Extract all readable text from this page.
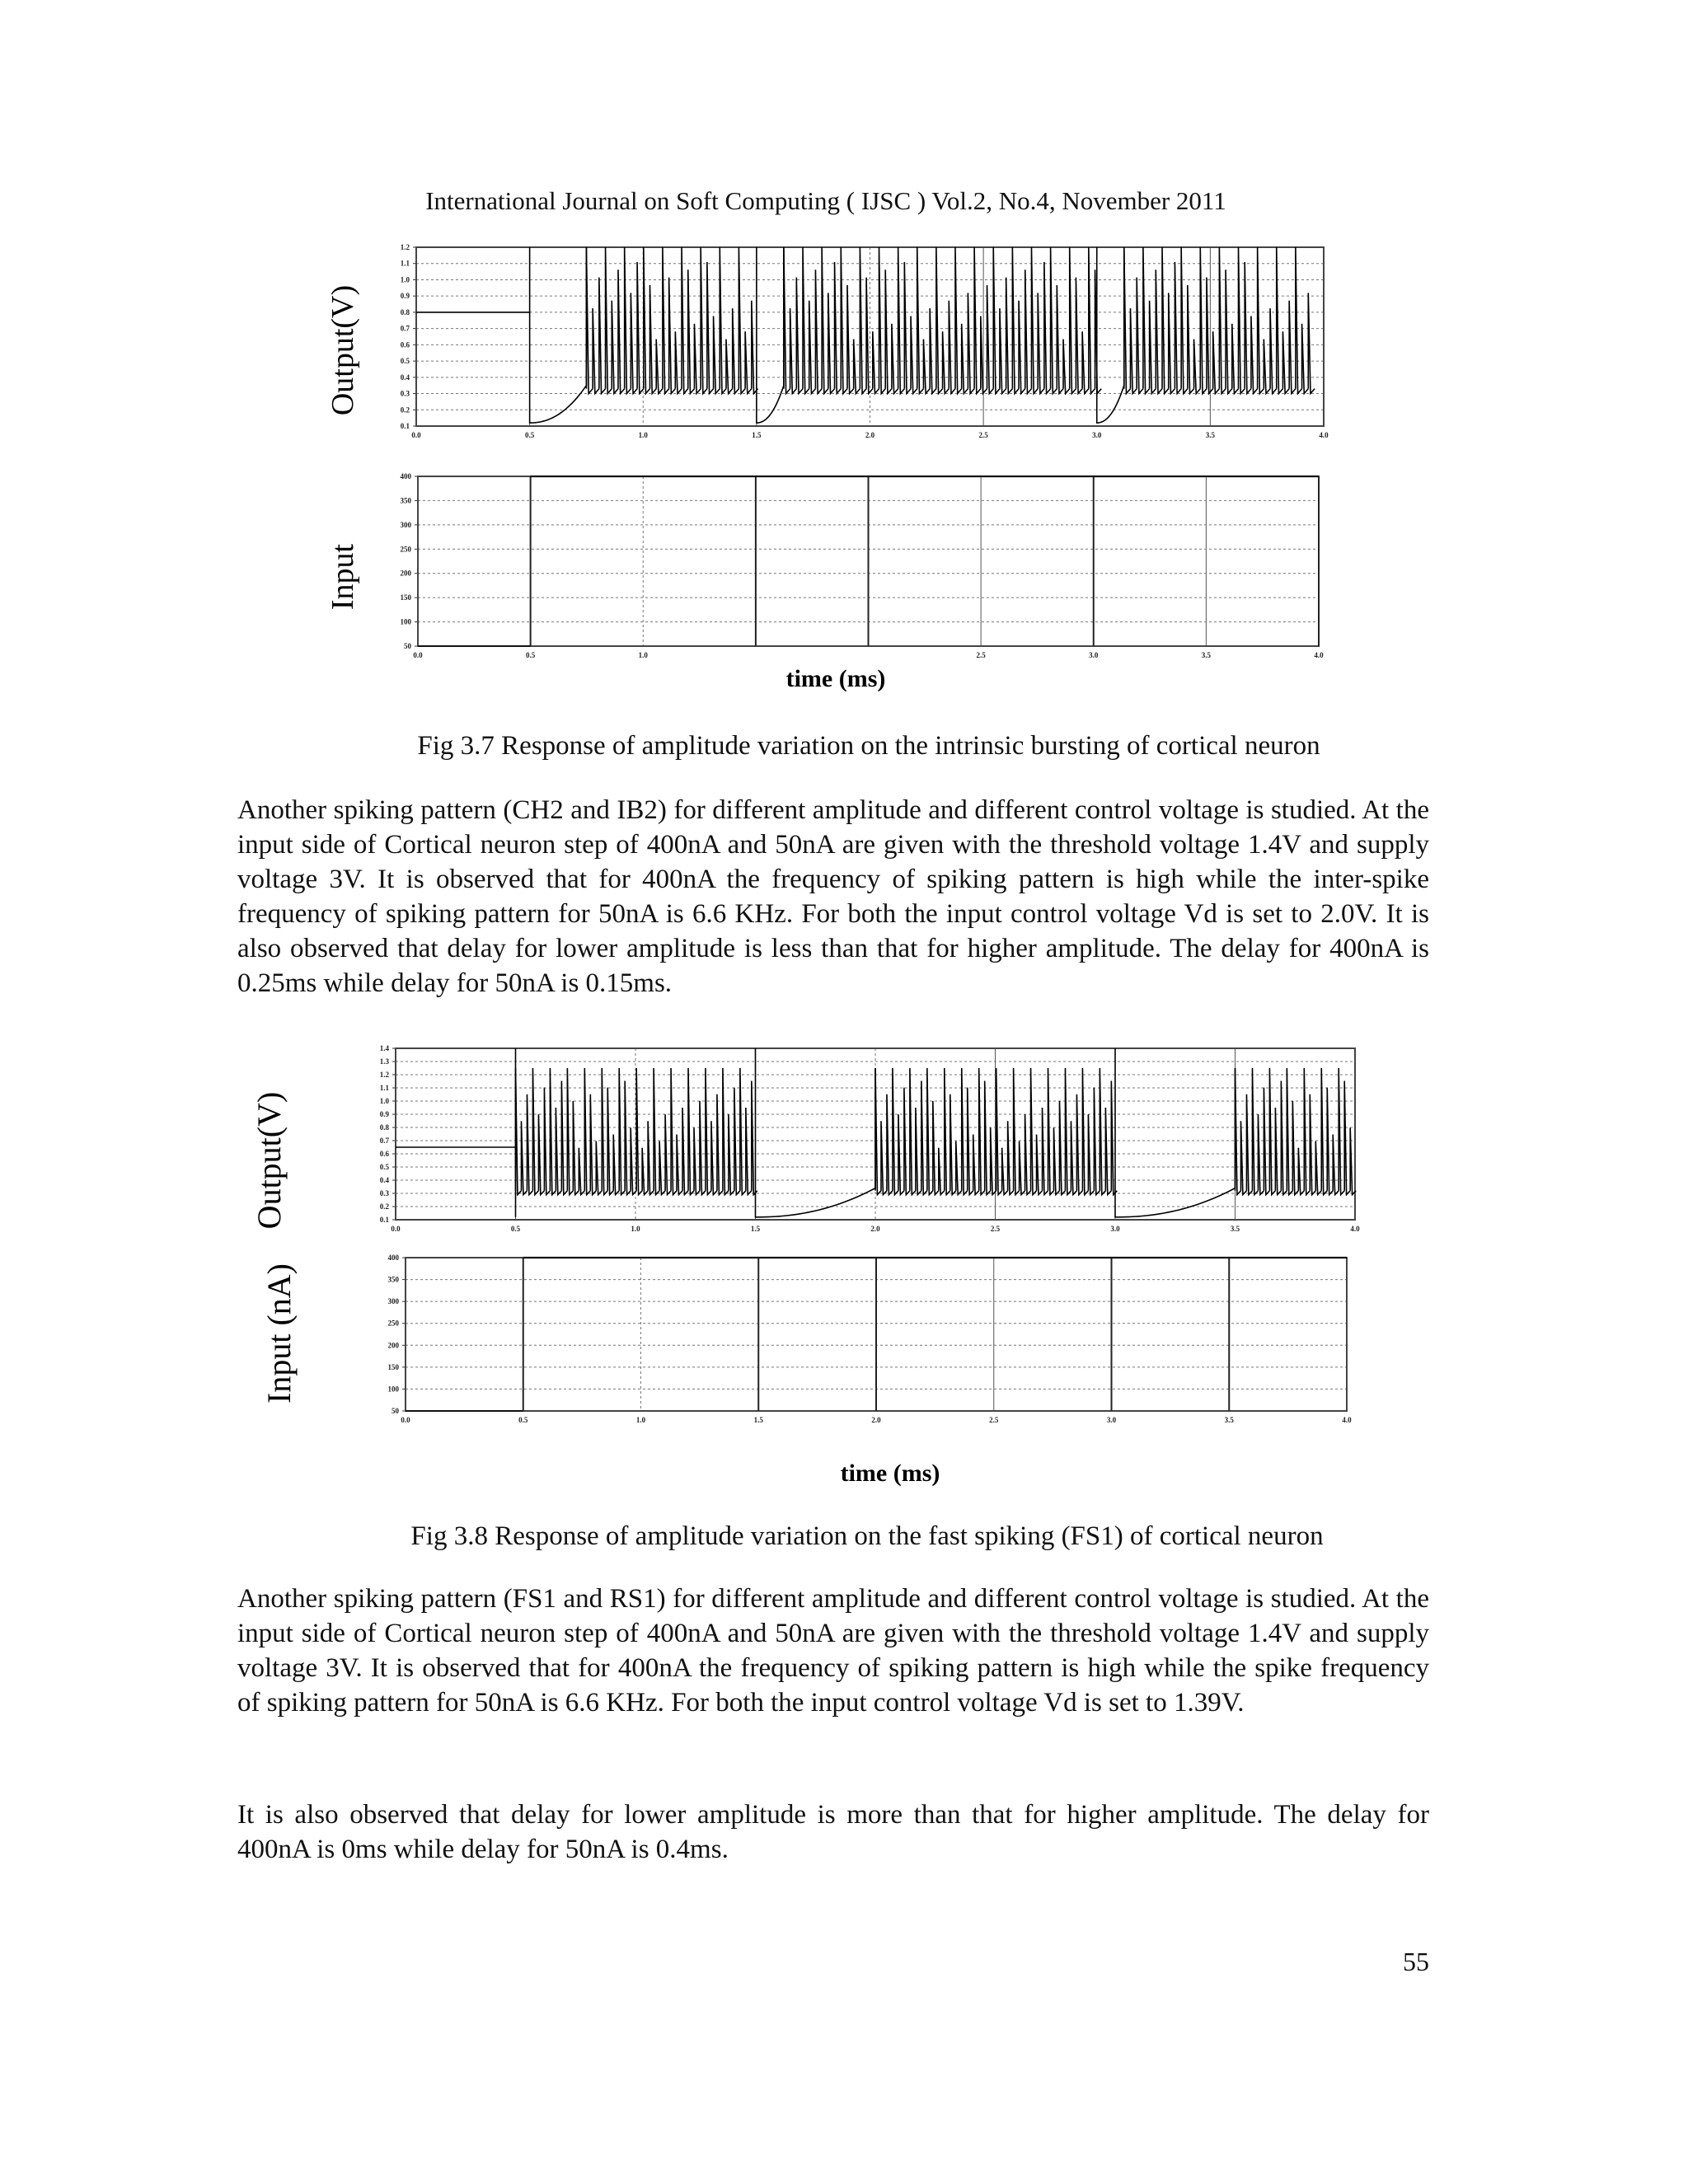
International Journal on Soft Computing ( IJSC ) Vol.2, No.4, November 2011
0.0	0.5	1.0	1.5	2.0	2.5	3.0	3.5	4.0
0.1
0.2
0.3
0.4
0.5
0.6
0.7
0.8
0.9
1.0
1.1
1.2
Output(V)
0.0	0.5	1.0	2.5	3.0	3.5	4.0
50
100
150
200
250
300
350
400
Input
time (ms)
Fig 3.7 Response of amplitude variation on the intrinsic bursting of cortical neuron

Another spiking pattern (CH2 and IB2) for different amplitude and different control voltage is studied. At the input side of Cortical neuron step of 400nA and 50nA are given with the threshold voltage 1.4V and supply voltage 3V. It is observed that for 400nA the frequency of spiking pattern is high while the inter-spike frequency of spiking pattern for 50nA is 6.6 KHz. For both the input control voltage Vd is set to 2.0V. It is also observed that delay for lower amplitude is less than that for higher amplitude. The delay for 400nA is 0.25ms while delay for 50nA is 0.15ms.

0.0	0.5	1.0	1.5	2.0	2.5	3.0	3.5	4.0
0.1
0.2
0.3
0.4
0.5
0.6
0.7
0.8
0.9
1.0
1.1
1.2
1.3
1.4
Output(V)
0.0	0.5	1.0	1.5	2.0	2.5	3.0	3.5	4.0
50
100
150
200
250
300
350
400
Input (nA)
time (ms)
Fig 3.8 Response of amplitude variation on the fast spiking (FS1) of cortical neuron

Another spiking pattern (FS1 and RS1) for different amplitude and different control voltage is studied. At the input side of Cortical neuron step of 400nA and 50nA are given with the threshold voltage 1.4V and supply voltage 3V. It is observed that for 400nA the frequency of spiking pattern is high while the spike frequency of spiking pattern for 50nA is 6.6 KHz. For both the input control voltage Vd is set to 1.39V.

It is also observed that delay for lower amplitude is more than that for higher amplitude. The delay for 400nA is 0ms while delay for 50nA is 0.4ms.

55
